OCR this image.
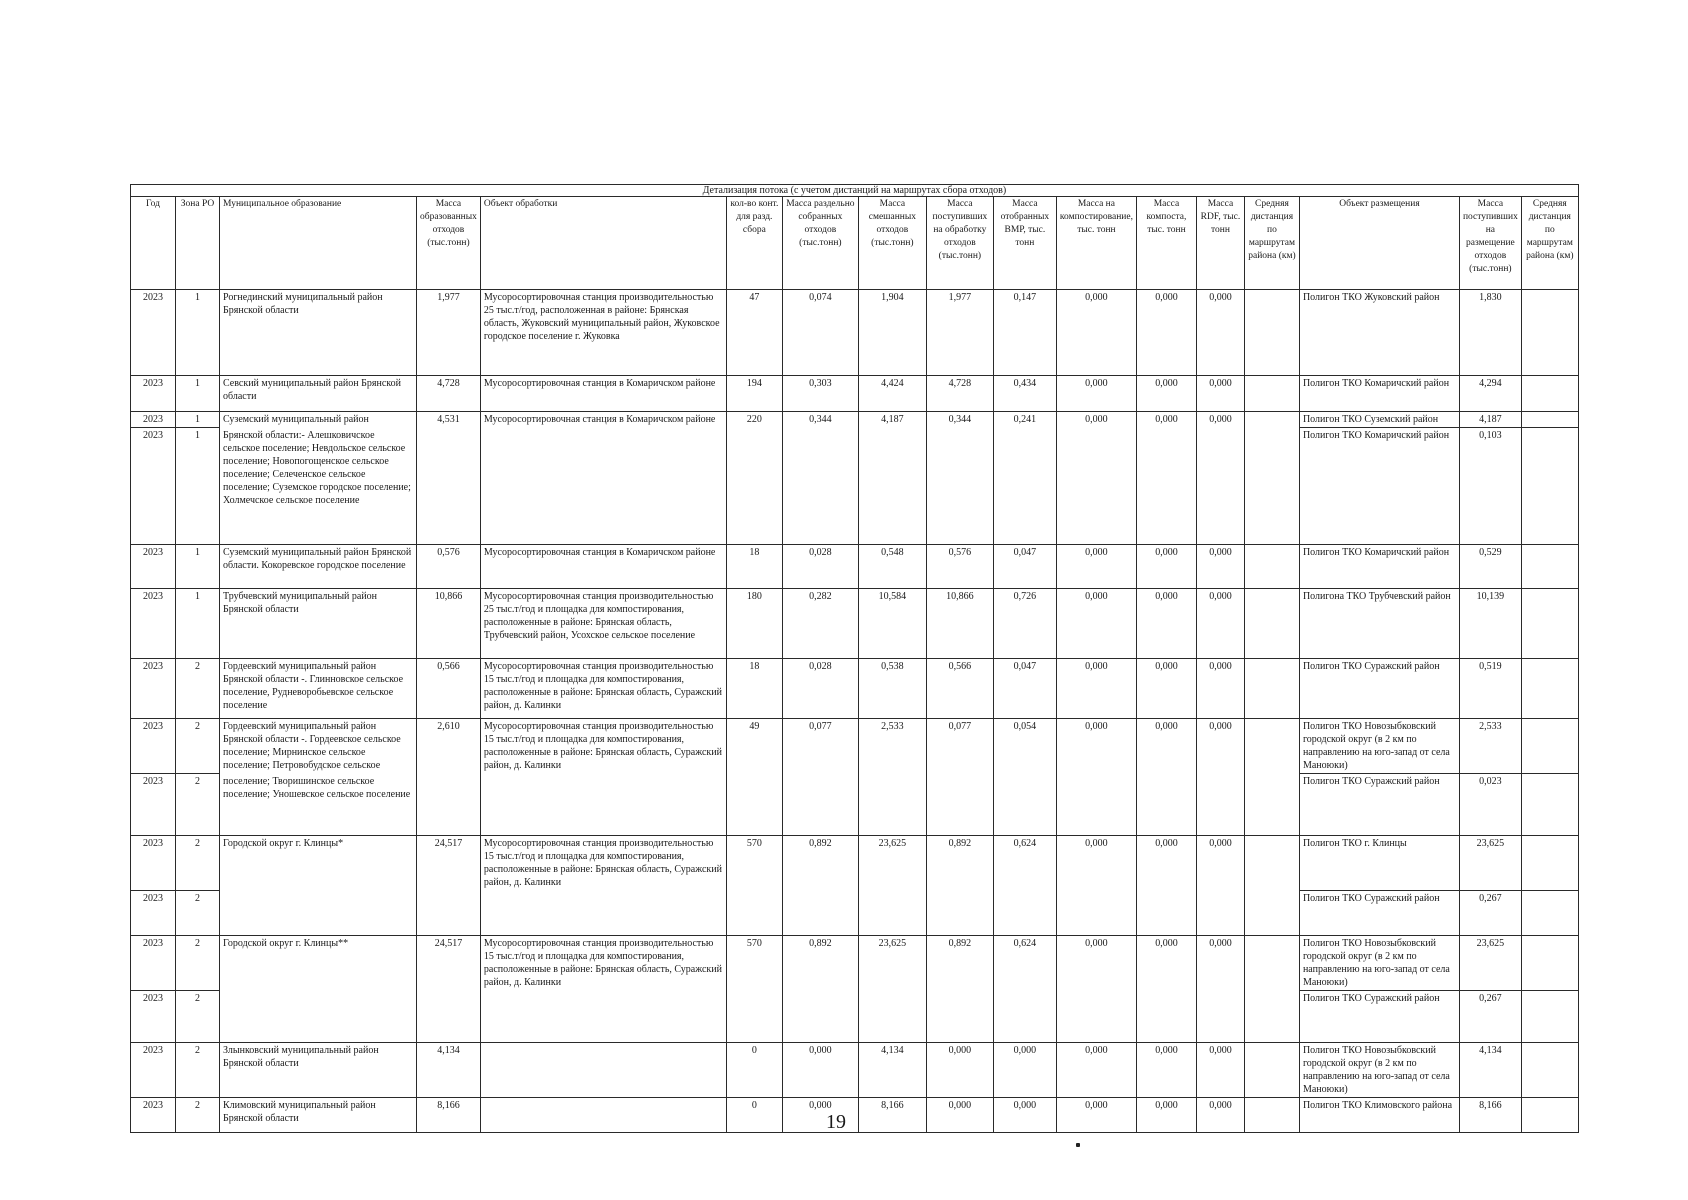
Детализация потока (с учетом дистанций на маршрутах сбора отходов)																
Год	Зона РО	Муниципальное образование	Масса образованных отходов (тыс.тонн)	Объект обработки	кол-во конт. для разд. сбора	Масса раздельно собранных отходов (тыс.тонн)	Масса смешанных отходов (тыс.тонн)	Масса поступивших на обработку отходов (тыс.тонн)	Масса отобранных ВМР, тыс. тонн	Масса на компостирование, тыс. тонн	Масса компоста, тыс. тонн	Масса RDF, тыс. тонн	Средняя дистанция по маршрутам района (км)	Объект размещения	Масса поступивших на размещение отходов (тыс.тонн)	Средняя дистанция по маршрутам района (км)
2023	1	Рогнединский муниципальный район Брянской области	1,977	Мусоросортировочная станция производительностью 25 тыс.т/год, расположенная в районе: Брянская область, Жуковский муниципальный район, Жуковское городское поселение г. Жуковка	47	0,074	1,904	1,977	0,147	0,000	0,000	0,000		Полигон ТКО Жуковский район	1,830	
2023	1	Севский муниципальный район Брянской области	4,728	Мусоросортировочная станция в Комаричском районе	194	0,303	4,424	4,728	0,434	0,000	0,000	0,000		Полигон ТКО Комаричский район	4,294	
2023	1	Суземский муниципальный район	4,531	Мусоросортировочная станция в Комаричском районе	220	0,344	4,187	0,344	0,241	0,000	0,000	0,000		Полигон ТКО Суземский район	4,187	
2023	1	Брянской области:- Алешковичское сельское поселение; Невдольское сельское поселение; Новопогощенское сельское поселение; Селеченское сельское поселение; Суземское городское поселение; Холмечское сельское поселение												Полигон ТКО Комаричский район	0,103	
2023	1	Суземский муниципальный район Брянской области. Кокоревское городское поселение	0,576	Мусоросортировочная станция в Комаричском районе	18	0,028	0,548	0,576	0,047	0,000	0,000	0,000		Полигон ТКО Комаричский район	0,529	
2023	1	Трубчевский муниципальный район Брянской области	10,866	Мусоросортировочная станция производительностью 25 тыс.т/год и площадка для компостирования, расположенные в районе: Брянская область, Трубчевский район, Усохское сельское поселение	180	0,282	10,584	10,866	0,726	0,000	0,000	0,000		Полигона ТКО Трубчевский район	10,139	
2023	2	Гордеевский муниципальный район Брянской области -. Глинновское сельское поселение, Рудневоробьевское сельское поселение	0,566	Мусоросортировочная станция производительностью 15 тыс.т/год и площадка для компостирования, расположенные в районе: Брянская область, Суражский район, д. Калинки	18	0,028	0,538	0,566	0,047	0,000	0,000	0,000		Полигон ТКО Суражский район	0,519	
2023	2	Гордеевский муниципальный район Брянской области -. Гордеевское сельское поселение; Мирнинское сельское поселение; Петровобудское сельское	2,610	Мусоросортировочная станция производительностью 15 тыс.т/год и площадка для компостирования, расположенные в районе: Брянская область, Суражский район, д. Калинки	49	0,077	2,533	0,077	0,054	0,000	0,000	0,000		Полигон ТКО Новозыбковский городской округ (в 2 км по направлению на юго-запад от села Маноюки)	2,533	
2023	2	поселение; Творишинское сельское поселение; Уношевское сельское поселение												Полигон ТКО Суражский район	0,023	
2023	2	Городской округ г. Клинцы*	24,517	Мусоросортировочная станция производительностью 15 тыс.т/год и площадка для компостирования, расположенные в районе: Брянская область, Суражский район, д. Калинки	570	0,892	23,625	0,892	0,624	0,000	0,000	0,000		Полигон ТКО г. Клинцы	23,625	
2023	2													Полигон ТКО Суражский район	0,267	
2023	2	Городской округ г. Клинцы**	24,517	Мусоросортировочная станция производительностью 15 тыс.т/год и площадка для компостирования, расположенные в районе: Брянская область, Суражский район, д. Калинки	570	0,892	23,625	0,892	0,624	0,000	0,000	0,000		Полигон ТКО Новозыбковский городской округ (в 2 км по направлению на юго-запад от села Маноюки)	23,625	
2023	2													Полигон ТКО Суражский район	0,267	
2023	2	Злынковский муниципальный район Брянской области	4,134		0	0,000	4,134	0,000	0,000	0,000	0,000	0,000		Полигон ТКО Новозыбковский городской округ (в 2 км по направлению на юго-запад от села Маноюки)	4,134	
2023	2	Климовский муниципальный район Брянской области	8,166		0	0,000	8,166	0,000	0,000	0,000	0,000	0,000		Полигон ТКО Климовского района	8,166	
19
